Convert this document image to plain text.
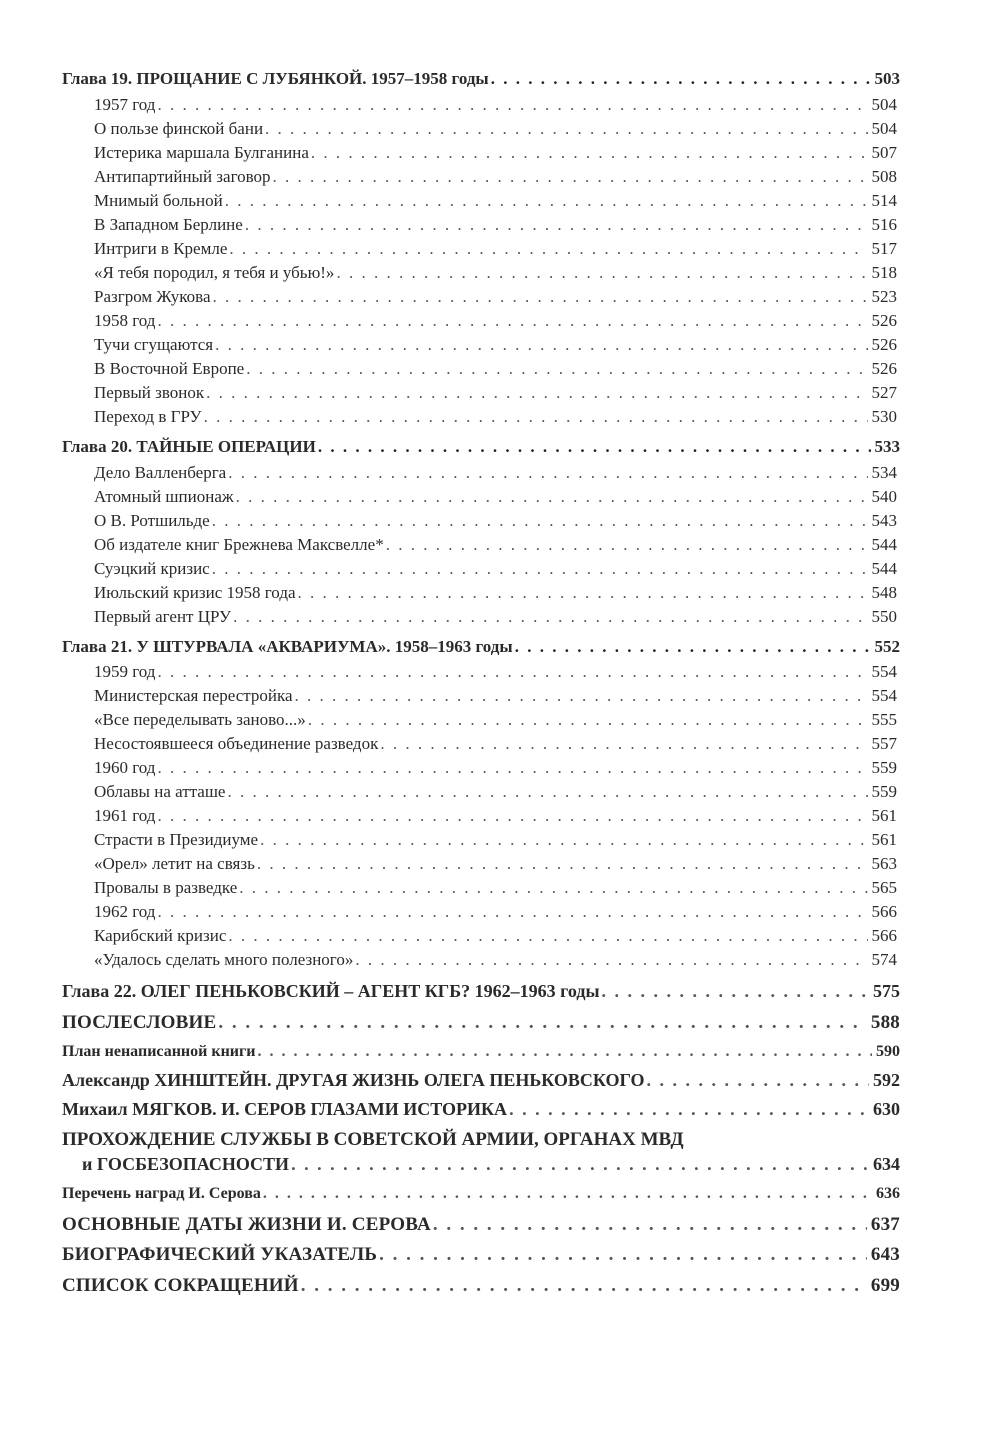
Глава 19. ПРОЩАНИЕ С ЛУБЯНКОЙ. 1957–1958 годы . . .	503
1957 год . . .	504
О пользе финской бани . . .	504
Истерика маршала Булганина . . .	507
Антипартийный заговор . . .	508
Мнимый больной . . .	514
В Западном Берлине . . .	516
Интриги в Кремле . . .	517
«Я тебя породил, я тебя и убью!» . . .	518
Разгром Жукова . . .	523
1958 год . . .	526
Тучи сгущаются . . .	526
В Восточной Европе . . .	526
Первый звонок . . .	527
Переход в ГРУ . . .	530
Глава 20. ТАЙНЫЕ ОПЕРАЦИИ . . .	533
Дело Валленберга . . .	534
Атомный шпионаж . . .	540
О В. Ротшильде . . .	543
Об издателе книг Брежнева Максвелле* . . .	544
Суэцкий кризис . . .	544
Июльский кризис 1958 года . . .	548
Первый агент ЦРУ . . .	550
Глава 21. У ШТУРВАЛА «АКВАРИУМА». 1958–1963 годы . . .	552
1959 год . . .	554
Министерская перестройка . . .	554
«Все переделывать заново...» . . .	555
Несостоявшееся объединение разведок . . .	557
1960 год . . .	559
Облавы на атташе . . .	559
1961 год . . .	561
Страсти в Президиуме . . .	561
«Орел» летит на связь . . .	563
Провалы в разведке . . .	565
1962 год . . .	566
Карибский кризис . . .	566
«Удалось сделать много полезного» . . .	574
Глава 22. ОЛЕГ ПЕНЬКОВСКИЙ – АГЕНТ КГБ? 1962–1963 годы . . .	575
ПОСЛЕСЛОВИЕ . . .	588
План ненаписанной книги . . .	590
Александр ХИНШТЕЙН. ДРУГАЯ ЖИЗНЬ ОЛЕГА ПЕНЬКОВСКОГО . . .	592
Михаил МЯГКОВ. И. СЕРОВ ГЛАЗАМИ ИСТОРИКА . . .	630
ПРОХОЖДЕНИЕ СЛУЖБЫ В СОВЕТСКОЙ АРМИИ, ОРГАНАХ МВД
и ГОСБЕЗОПАСНОСТИ . . .	634
Перечень наград И. Серова . . .	636
ОСНОВНЫЕ ДАТЫ ЖИЗНИ И. СЕРОВА . . .	637
БИОГРАФИЧЕСКИЙ УКАЗАТЕЛЬ . . .	643
СПИСОК СОКРАЩЕНИЙ . . .	699
